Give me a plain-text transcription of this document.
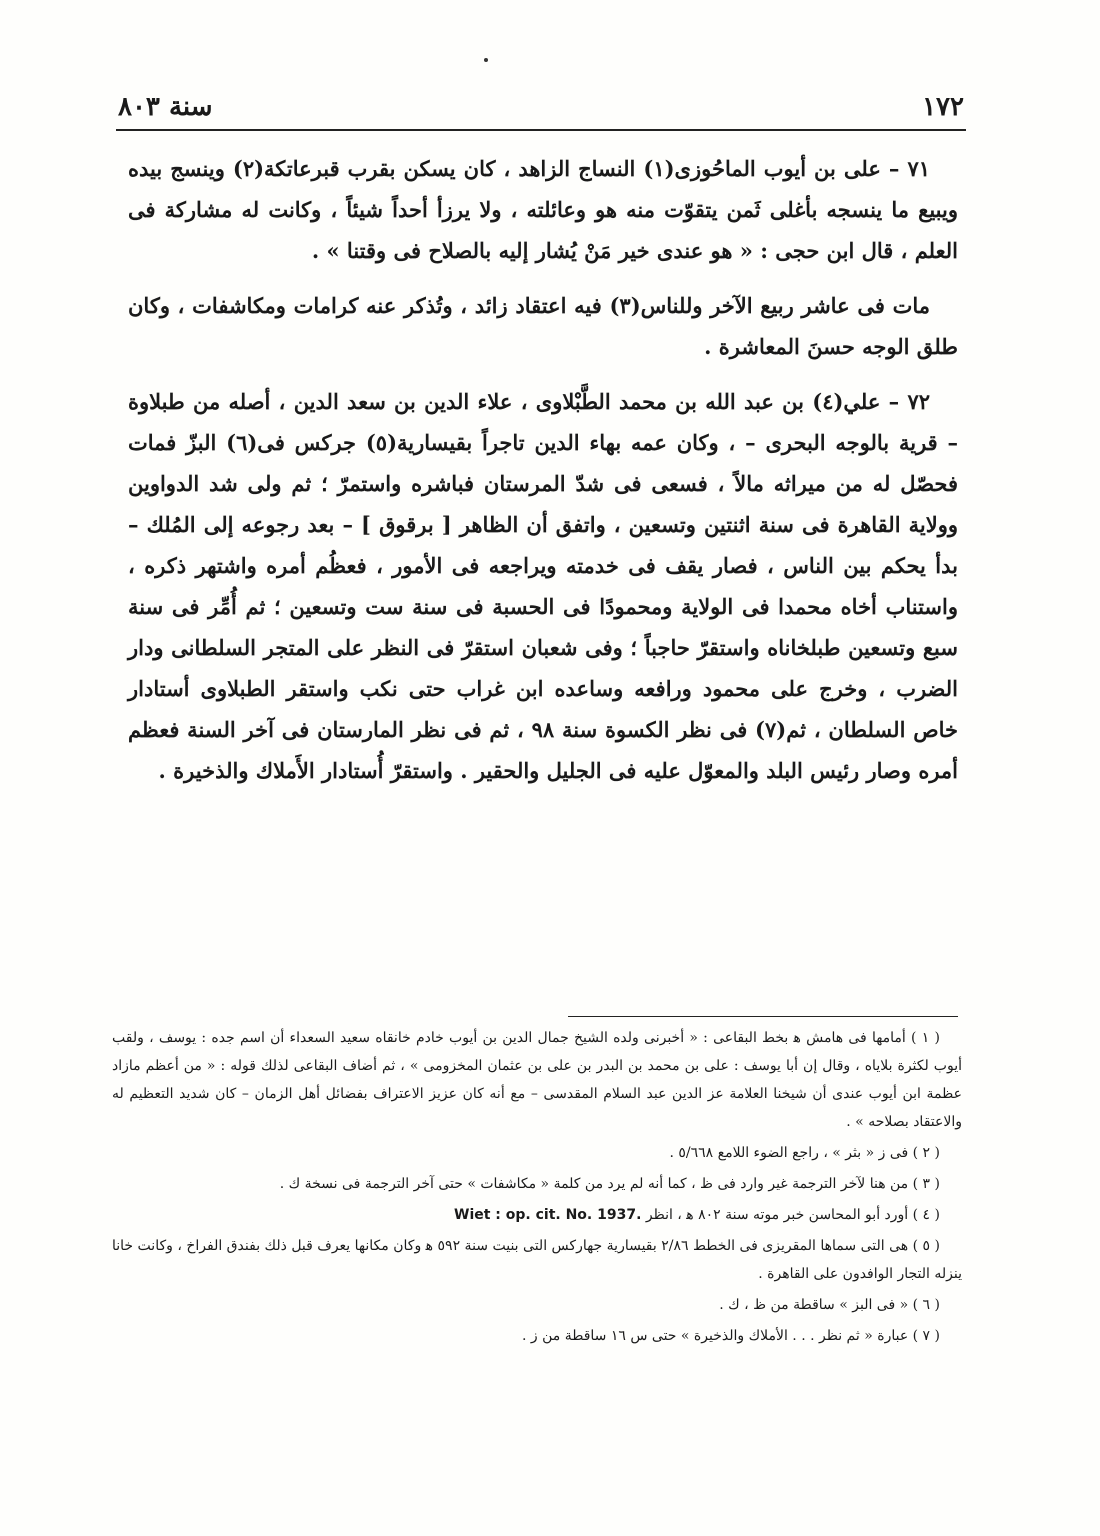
١٧٢
سنة ٨٠٣

٧١ – على بن أيوب الماحُوزى(١) النساج الزاهد ، كان يسكن بقرب قبرعاتكة(٢) وينسج بيده ويبيع ما ينسجه بأغلى ثَمن يتقوّت منه هو وعائلته ، ولا يرزأ أحداً شيئاً ، وكانت له مشاركة فى العلم ، قال ابن حجى : « هو عندى خير مَنْ يُشار إليه بالصلاح فى وقتنا » .

مات فى عاشر ربيع الآخر وللناس(٣) فيه اعتقاد زائد ، وتُذكر عنه كرامات ومكاشفات ، وكان طلق الوجه حسنَ المعاشرة .

٧٢ – علي(٤) بن عبد الله بن محمد الطَّبْلاوى ، علاء الدين بن سعد الدين ، أصله من طبلاوة – قرية بالوجه البحرى – ، وكان عمه بهاء الدين تاجراً بقيسارية(٥) جركس فى(٦) البزّ فمات فحصّل له من ميراثه مالاً ، فسعى فى شدّ المرستان فباشره واستمرّ ؛ ثم ولى شد الدواوين وولاية القاهرة فى سنة اثنتين وتسعين ، واتفق أن الظاهر [ برقوق ] – بعد رجوعه إلى المُلك – بدأ يحكم بين الناس ، فصار يقف فى خدمته ويراجعه فى الأمور ، فعظُم أمره واشتهر ذكره ، واستناب أخاه محمدا فى الولاية ومحمودًا فى الحسبة فى سنة ست وتسعين ؛ ثم أُمِّر فى سنة سبع وتسعين طبلخاناه واستقرّ حاجباً ؛ وفى شعبان استقرّ فى النظر على المتجر السلطانى ودار الضرب ، وخرج على محمود ورافعه وساعده ابن غراب حتى نكب واستقر الطبلاوى أستادار خاص السلطان ، ثم(٧) فى نظر الكسوة سنة ٩٨ ، ثم فى نظر المارستان فى آخر السنة فعظم أمره وصار رئيس البلد والمعوّل عليه فى الجليل والحقير . واستقرّ أُستادار الأَملاك والذخيرة .

( ١ ) أمامها فى هامش ﻫ بخط البقاعى : « أخبرنى ولده الشيخ جمال الدين بن أيوب خادم خانقاه سعيد السعداء أن اسم جده : يوسف ، ولقب أيوب لكثرة بلاياه ، وقال إن أبا يوسف : على بن محمد بن البدر بن على بن عثمان المخزومى » ، ثم أضاف البقاعى لذلك قوله : « من أعظم مازاد عظمة ابن أيوب عندى أن شيخنا العلامة عز الدين عبد السلام المقدسى – مع أنه كان عزيز الاعتراف بفضائل أهل الزمان – كان شديد التعظيم له والاعتقاد بصلاحه » .

( ٢ ) فى ز « بثر » ، راجع الضوء اللامع ٥/٦٦٨ .

( ٣ ) من هنا لآخر الترجمة غير وارد فى ظ ، كما أنه لم يرد من كلمة « مكاشفات » حتى آخر الترجمة فى نسخة ك .

( ٤ ) أورد أبو المحاسن خبر موته سنة ٨٠٢ ﻫ ، انظر Wiet : op. cit. No. 1937.

( ٥ ) هى التى سماها المقريزى فى الخطط ٢/٨٦ بقيسارية جهاركس التى بنيت سنة ٥٩٢ ﻫ وكان مكانها يعرف قبل ذلك بفندق الفراخ ، وكانت خانا ينزله التجار الوافدون على القاهرة .

( ٦ ) « فى البز » ساقطة من ظ ، ك .

( ٧ ) عبارة « ثم نظر . . . الأملاك والذخيرة » حتى س ١٦ ساقطة من ز .
